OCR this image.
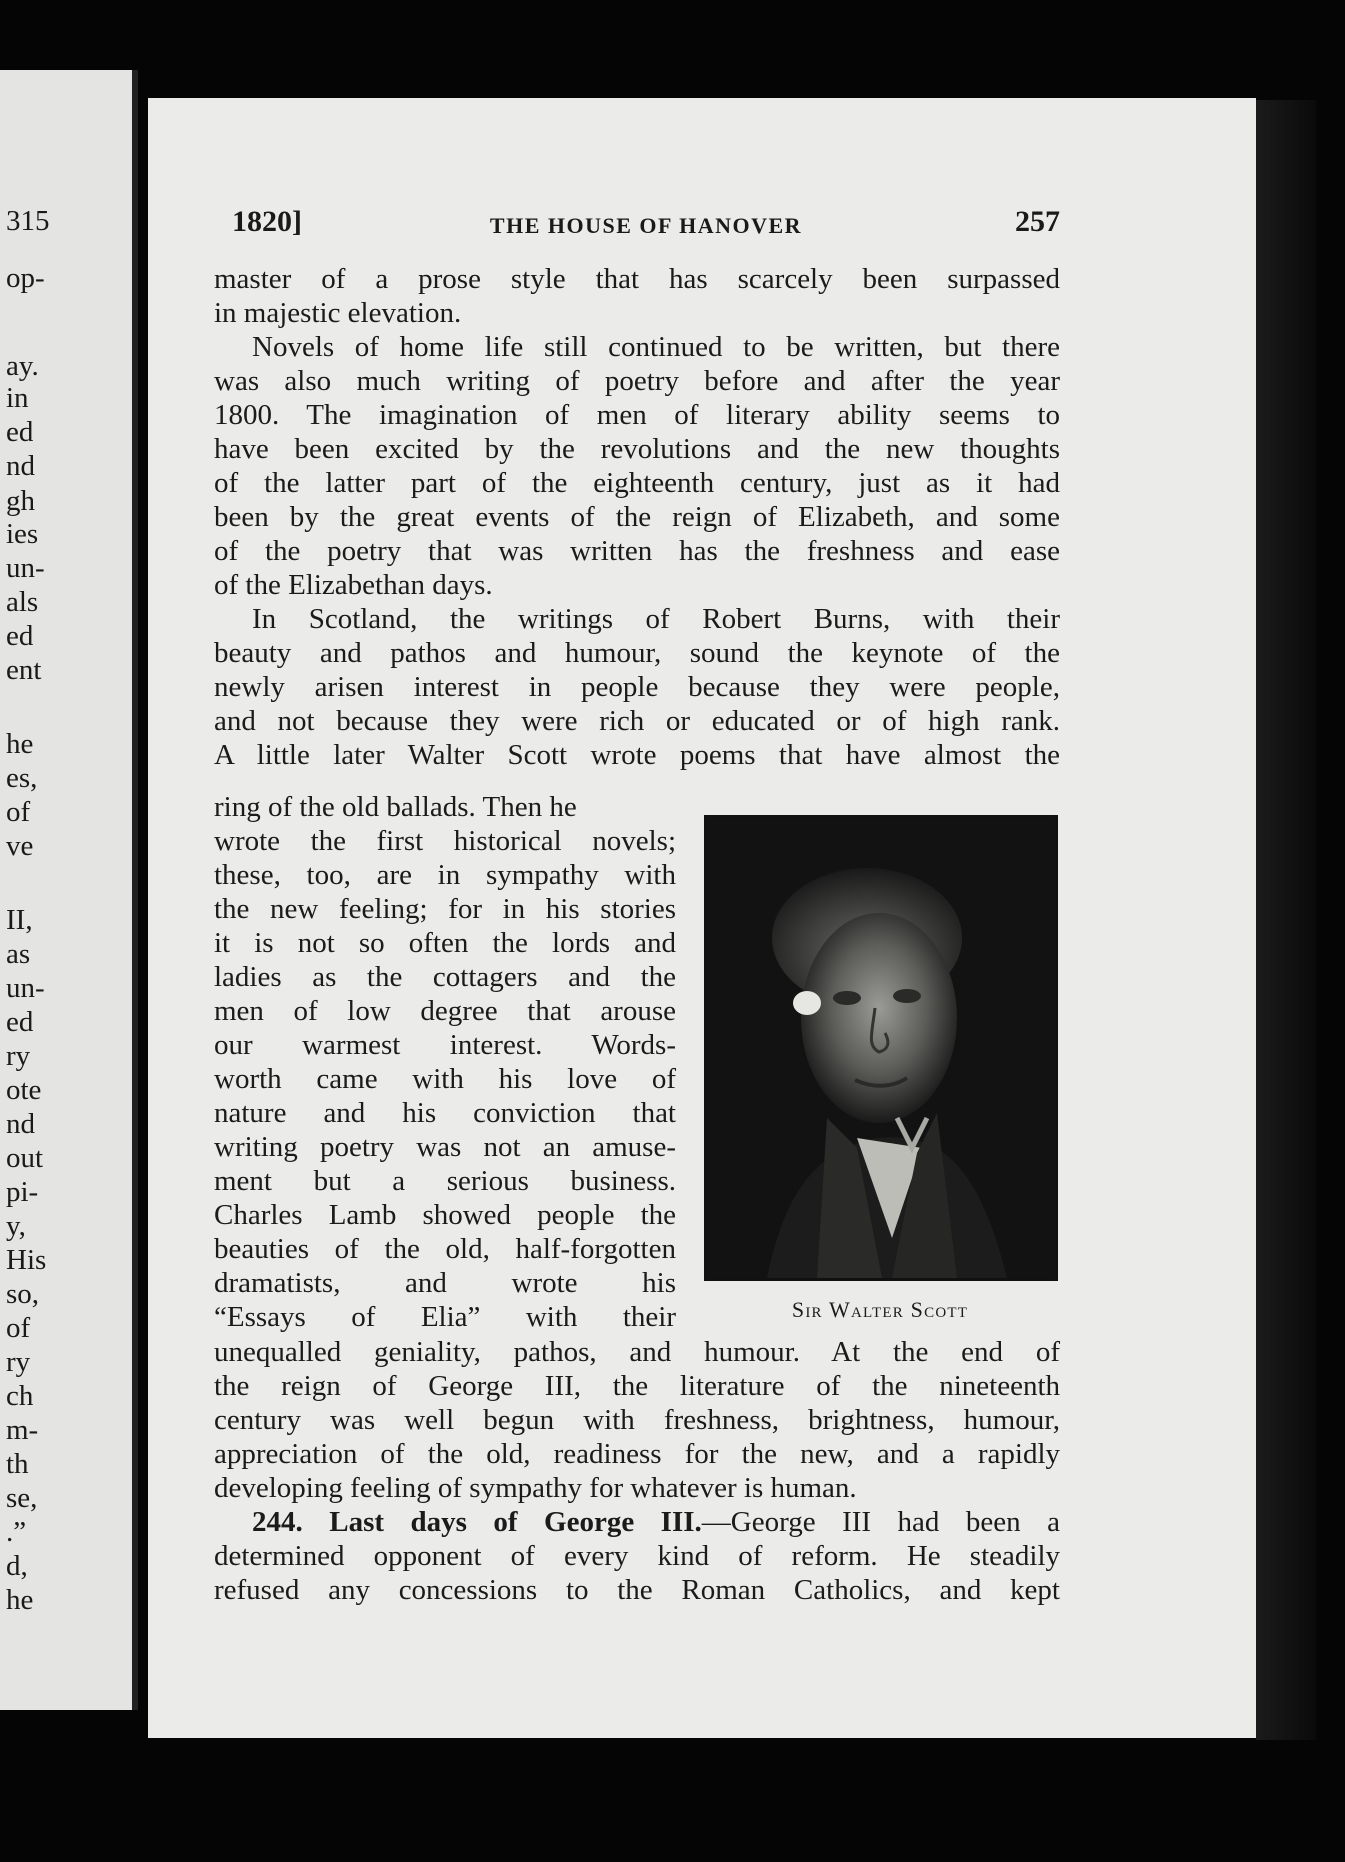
315
op-
ay.
in
ed
nd
gh
ies
un-
als
ed
ent
he
es,
of
ve
II,
as
un-
ed
ry
ote
nd
out
pi-
y,
His
so,
of
ry
ch
m-
th
se,
.”
d,
he
1820]	THE HOUSE OF HANOVER	257
master of a prose style that has scarcely been surpassed
in majestic elevation.
Novels of home life still continued to be written, but there
was also much writing of poetry before and after the year
1800. The imagination of men of literary ability seems to
have been excited by the revolutions and the new thoughts
of the latter part of the eighteenth century, just as it had
been by the great events of the reign of Elizabeth, and some
of the poetry that was written has the freshness and ease
of the Elizabethan days.
In Scotland, the writings of Robert Burns, with their
beauty and pathos and humour, sound the keynote of the
newly arisen interest in people because they were people,
and not because they were rich or educated or of high rank.
A little later Walter Scott wrote poems that have almost the
ring of the old ballads. Then he
wrote the first historical novels;
these, too, are in sympathy with
the new feeling; for in his stories
it is not so often the lords and
ladies as the cottagers and the
men of low degree that arouse
our warmest interest. Words-
worth came with his love of
nature and his conviction that
writing poetry was not an amuse-
ment but a serious business.
Charles Lamb showed people the
beauties of the old, half-forgotten
dramatists, and wrote his
“Essays of Elia” with their	Sir Walter Scott
unequalled geniality, pathos, and humour. At the end of
the reign of George III, the literature of the nineteenth
century was well begun with freshness, brightness, humour,
appreciation of the old, readiness for the new, and a rapidly
developing feeling of sympathy for whatever is human.
244. Last days of George III.—George III had been a
determined opponent of every kind of reform. He steadily
refused any concessions to the Roman Catholics, and kept
